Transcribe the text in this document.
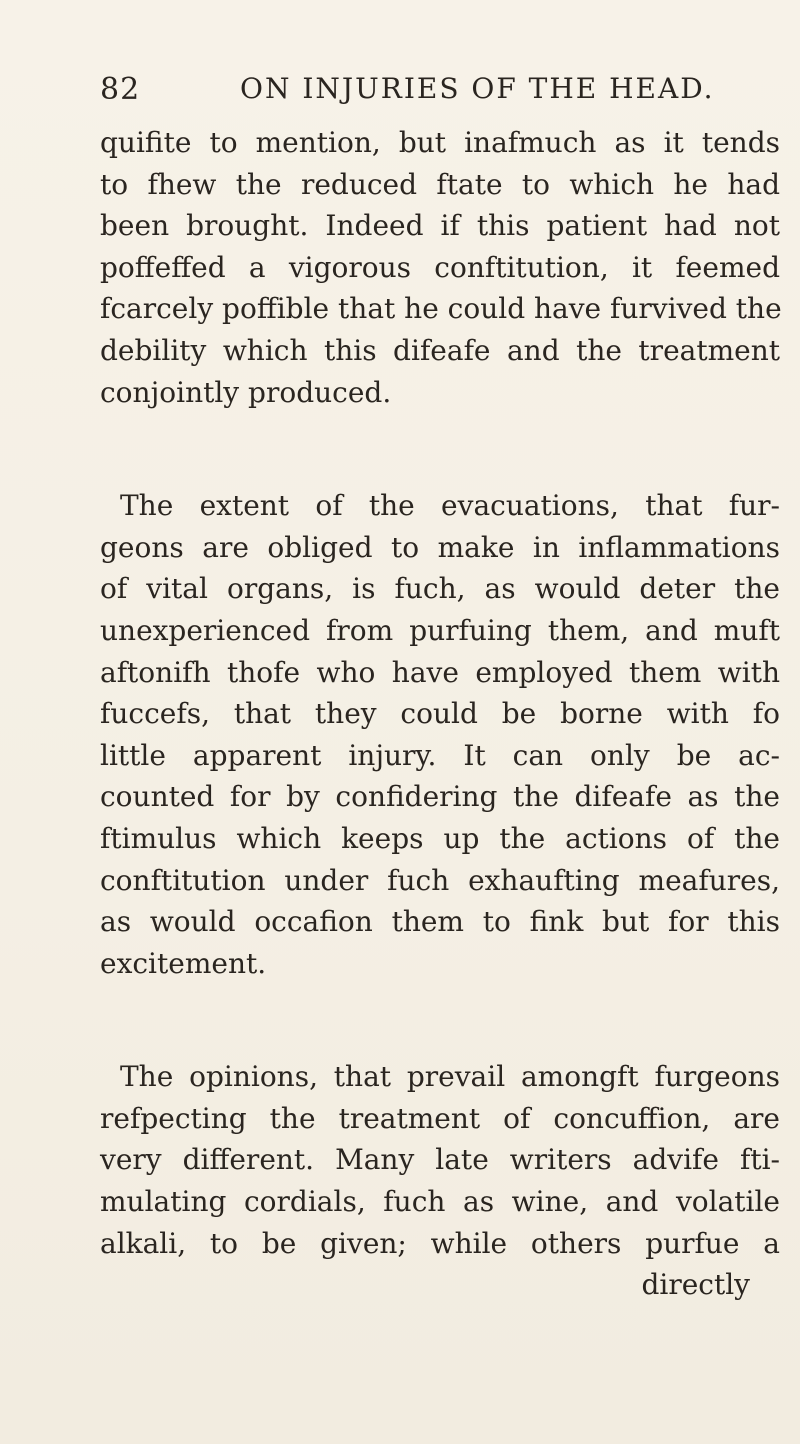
82	ON INJURIES OF THE HEAD.
quifite to mention, but inafmuch as it tends
to fhew the reduced ftate to which he had
been brought. Indeed if this patient had not
poffeffed a vigorous conftitution, it feemed
fcarcely poffible that he could have furvived the
debility which this difeafe and the treatment
conjointly produced.
The extent of the evacuations, that fur-
geons are obliged to make in inflammations
of vital organs, is fuch, as would deter the
unexperienced from purfuing them, and muft
aftonifh thofe who have employed them with
fuccefs, that they could be borne with fo
little apparent injury. It can only be ac-
counted for by confidering the difeafe as the
ftimulus which keeps up the actions of the
conftitution under fuch exhaufting meafures,
as would occafion them to fink but for this
excitement.
The opinions, that prevail amongft furgeons
refpecting the treatment of concuffion, are
very different. Many late writers advife fti-
mulating cordials, fuch as wine, and volatile
alkali, to be given; while others purfue a
directly
